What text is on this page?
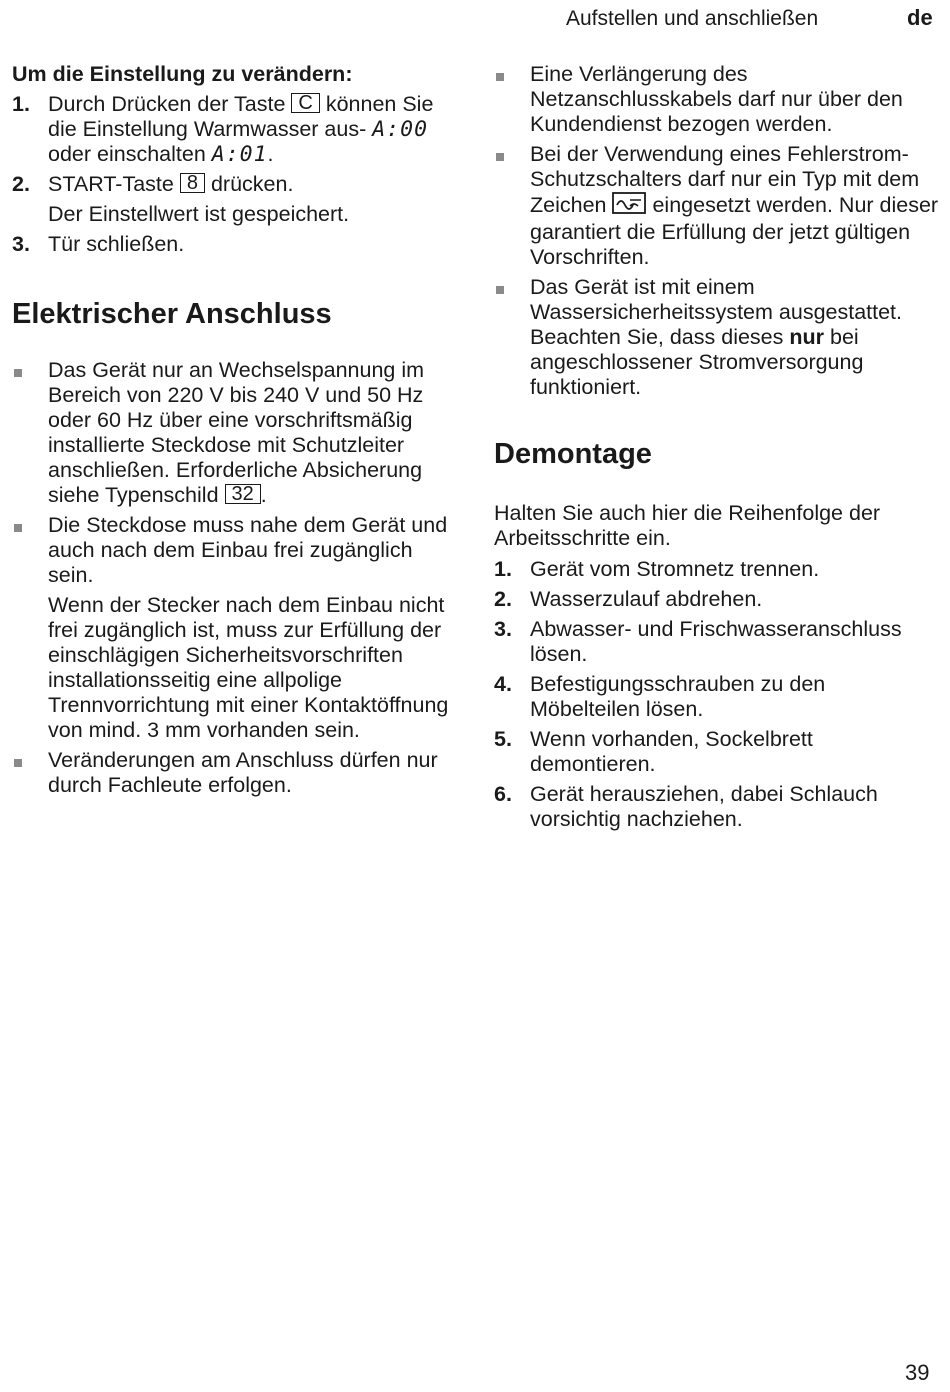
Aufstellen und anschließen	de
Um die Einstellung zu verändern:
1. Durch Drücken der Taste C können Sie die Einstellung Warmwasser aus- A:00 oder einschalten A:01.
2. START-Taste 8 drücken.
Der Einstellwert ist gespeichert.
3. Tür schließen.
Elektrischer Anschluss
Das Gerät nur an Wechselspannung im Bereich von 220 V bis 240 V und 50 Hz oder 60 Hz über eine vorschriftsmäßig installierte Steckdose mit Schutzleiter anschließen. Erforderliche Absicherung siehe Typenschild 32 .
Die Steckdose muss nahe dem Gerät und auch nach dem Einbau frei zugänglich sein.
Wenn der Stecker nach dem Einbau nicht frei zugänglich ist, muss zur Erfüllung der einschlägigen Sicherheitsvorschriften installationsseitig eine allpolige Trennvorrichtung mit einer Kontaktöffnung von mind. 3 mm vorhanden sein.
Veränderungen am Anschluss dürfen nur durch Fachleute erfolgen.
Eine Verlängerung des Netzanschlusskabels darf nur über den Kundendienst bezogen werden.
Bei der Verwendung eines Fehlerstrom-Schutzschalters darf nur ein Typ mit dem Zeichen eingesetzt werden. Nur dieser garantiert die Erfüllung der jetzt gültigen Vorschriften.
Das Gerät ist mit einem Wassersicherheitssystem ausgestattet. Beachten Sie, dass dieses nur bei angeschlossener Stromversorgung funktioniert.
Demontage

Halten Sie auch hier die Reihenfolge der Arbeitsschritte ein.

1. Gerät vom Stromnetz trennen.
2. Wasserzulauf abdrehen.
3. Abwasser- und Frischwasseranschluss lösen.
4. Befestigungsschrauben zu den Möbelteilen lösen.
5. Wenn vorhanden, Sockelbrett demontieren.
6. Gerät herausziehen, dabei Schlauch vorsichtig nachziehen.
39
